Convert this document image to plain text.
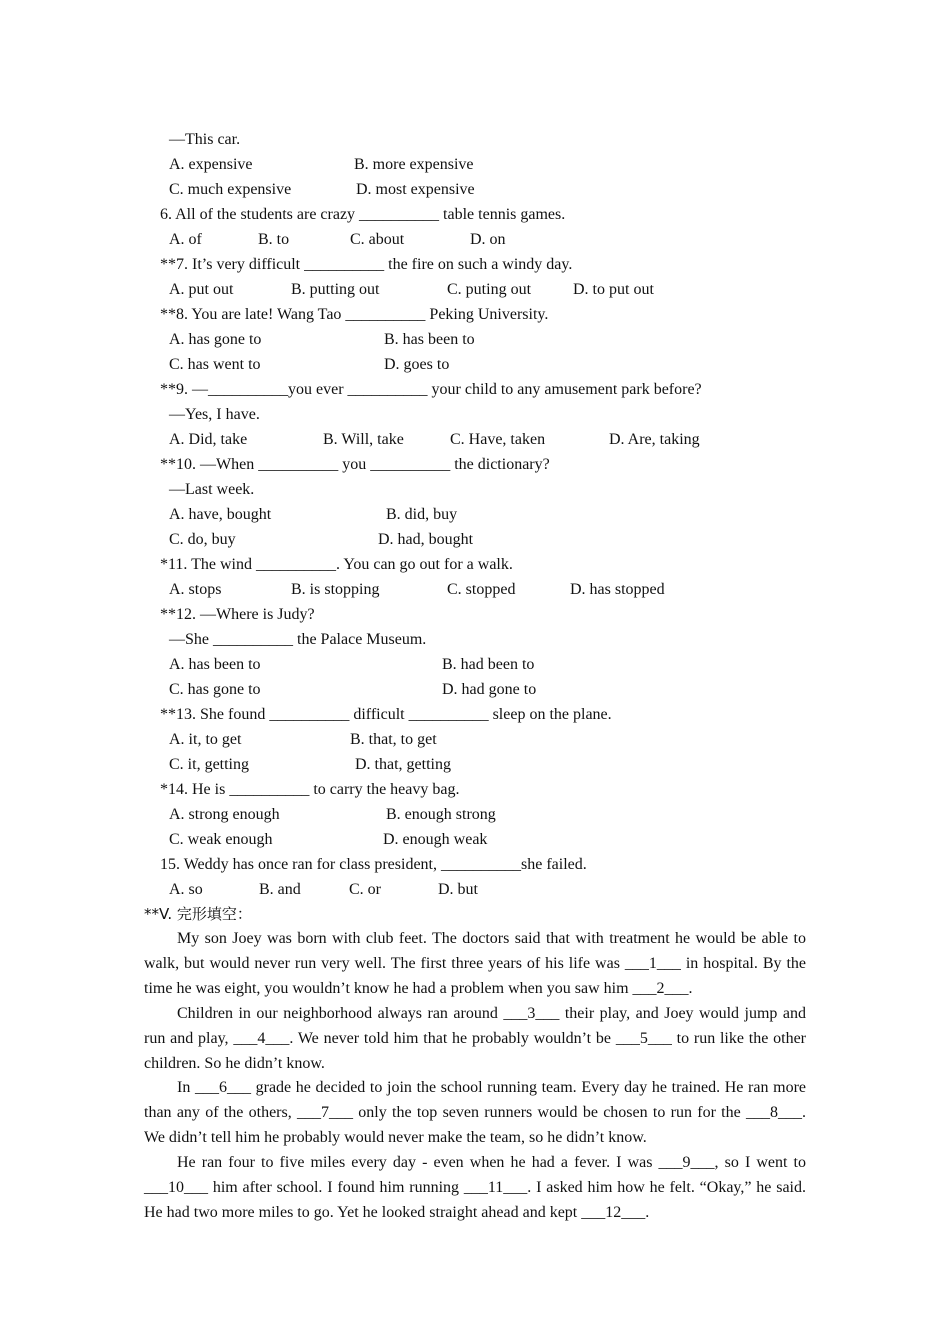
—This car.
A. expensive	B. more expensive
C. much expensive	D. most expensive
6. All of the students are crazy __________ table tennis games.
A. of	B. to	C. about	D. on
**7. It’s very difficult __________ the fire on such a windy day.
A. put out	B. putting out	C. puting out	D. to put out
**8. You are late! Wang Tao __________ Peking University.
A. has gone to	B. has been to
C. has went to	D. goes to
**9. —__________you ever __________ your child to any amusement park before?
—Yes, I have.
A. Did, take	B. Will, take	C. Have, taken	D. Are, taking
**10. —When __________ you __________ the dictionary?
—Last week.
A. have, bought	B. did, buy
C. do, buy	D. had, bought
*11. The wind __________. You can go out for a walk.
A. stops	B. is stopping	C. stopped	D. has stopped
**12. —Where is Judy?
—She __________ the Palace Museum.
A. has been to	B. had been to
C. has gone to	D. had gone to
**13. She found __________ difficult __________ sleep on the plane.
A. it, to get	B. that, to get
C. it, getting	D. that, getting
*14. He is __________ to carry the heavy bag.
A. strong enough	B. enough strong
C. weak enough	D. enough weak
15. Weddy has once ran for class president, __________she failed.
A. so	B. and	C. or	D. but
**V. 完形填空：
My son Joey was born with club feet. The doctors said that with treatment he would be able to walk, but would never run very well. The first three years of his life was ___1___ in hospital. By the time he was eight, you wouldn’t know he had a problem when you saw him ___2___.
Children in our neighborhood always ran around ___3___ their play, and Joey would jump and run and play, ___4___. We never told him that he probably wouldn’t be ___5___ to run like the other children. So he didn’t know.
In ___6___ grade he decided to join the school running team. Every day he trained. He ran more than any of the others, ___7___ only the top seven runners would be chosen to run for the ___8___. We didn’t tell him he probably would never make the team, so he didn’t know.
He ran four to five miles every day - even when he had a fever. I was ___9___, so I went to ___10___ him after school. I found him running ___11___. I asked him how he felt. “Okay,” he said. He had two more miles to go. Yet he looked straight ahead and kept ___12___.
